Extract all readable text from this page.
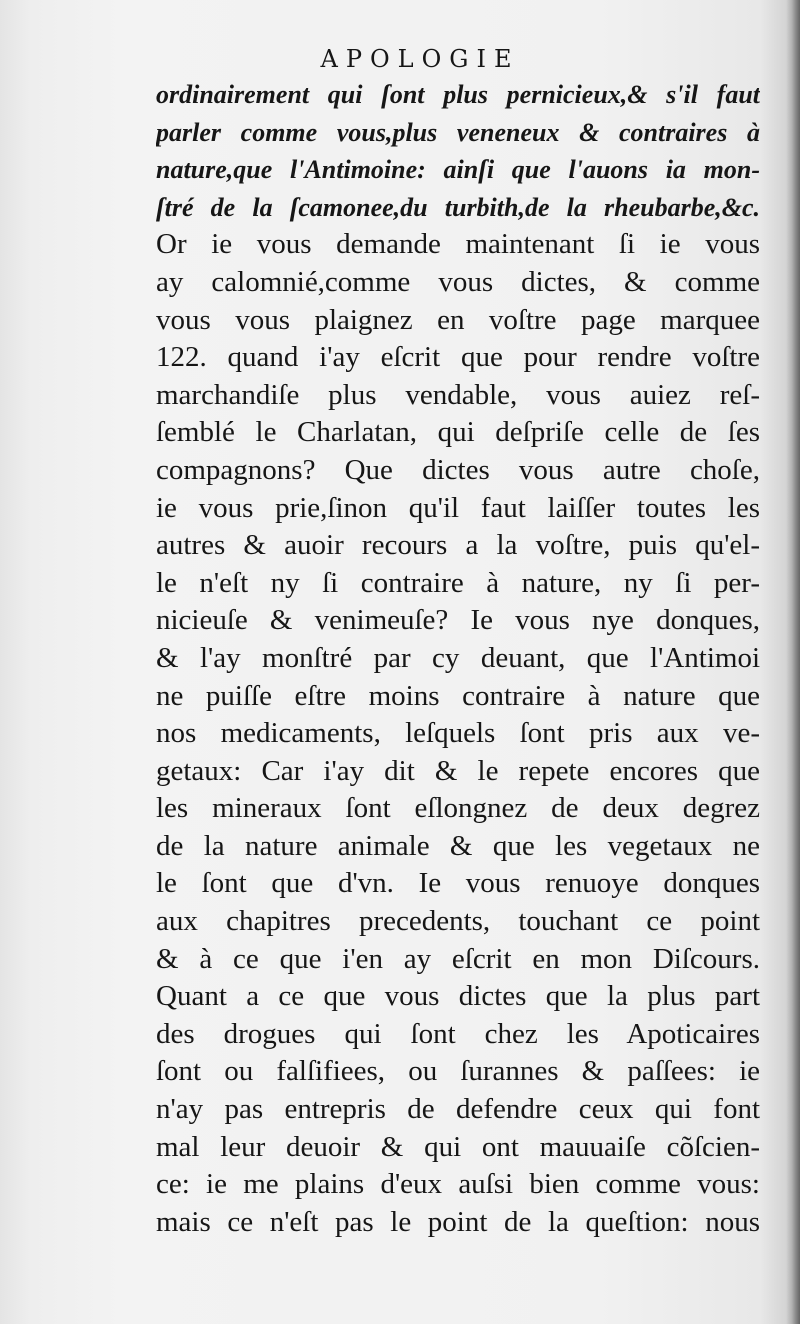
APOLOGIE
ordinairement qui ſont plus pernicieux,& s'il faut
parler comme vous,plus veneneux & contraires à
nature,que l'Antimoine: ainſi que l'auons ia mon-
ſtré de la ſcamonee,du turbith,de la rheubarbe,&c.
Or ie vous demande maintenant ſi ie vous
ay calomnié,comme vous dictes, & comme
vous vous plaignez en voſtre page marquee
122. quand i'ay eſcrit que pour rendre voſtre
marchandiſe plus vendable, vous auiez reſ-
ſemblé le Charlatan, qui deſpriſe celle de ſes
compagnons? Que dictes vous autre choſe,
ie vous prie,ſinon qu'il faut laiſſer toutes les
autres & auoir recours a la voſtre, puis qu'el-
le n'eſt ny ſi contraire à nature, ny ſi per-
nicieuſe & venimeuſe? Ie vous nye donques,
& l'ay monſtré par cy deuant, que l'Antimoi
ne puiſſe eſtre moins contraire à nature que
nos medicaments, leſquels ſont pris aux ve-
getaux: Car i'ay dit & le repete encores que
les mineraux ſont eſlongnez de deux degrez
de la nature animale & que les vegetaux ne
le ſont que d'vn. Ie vous renuoye donques
aux chapitres precedents, touchant ce point
& à ce que i'en ay eſcrit en mon Diſcours.
Quant a ce que vous dictes que la plus part
des drogues qui ſont chez les Apoticaires
ſont ou falſifiees, ou ſurannes & paſſees: ie
n'ay pas entrepris de defendre ceux qui font
mal leur deuoir & qui ont mauuaiſe cõſcien-
ce: ie me plains d'eux auſsi bien comme vous:
mais ce n'eſt pas le point de la queſtion: nous
